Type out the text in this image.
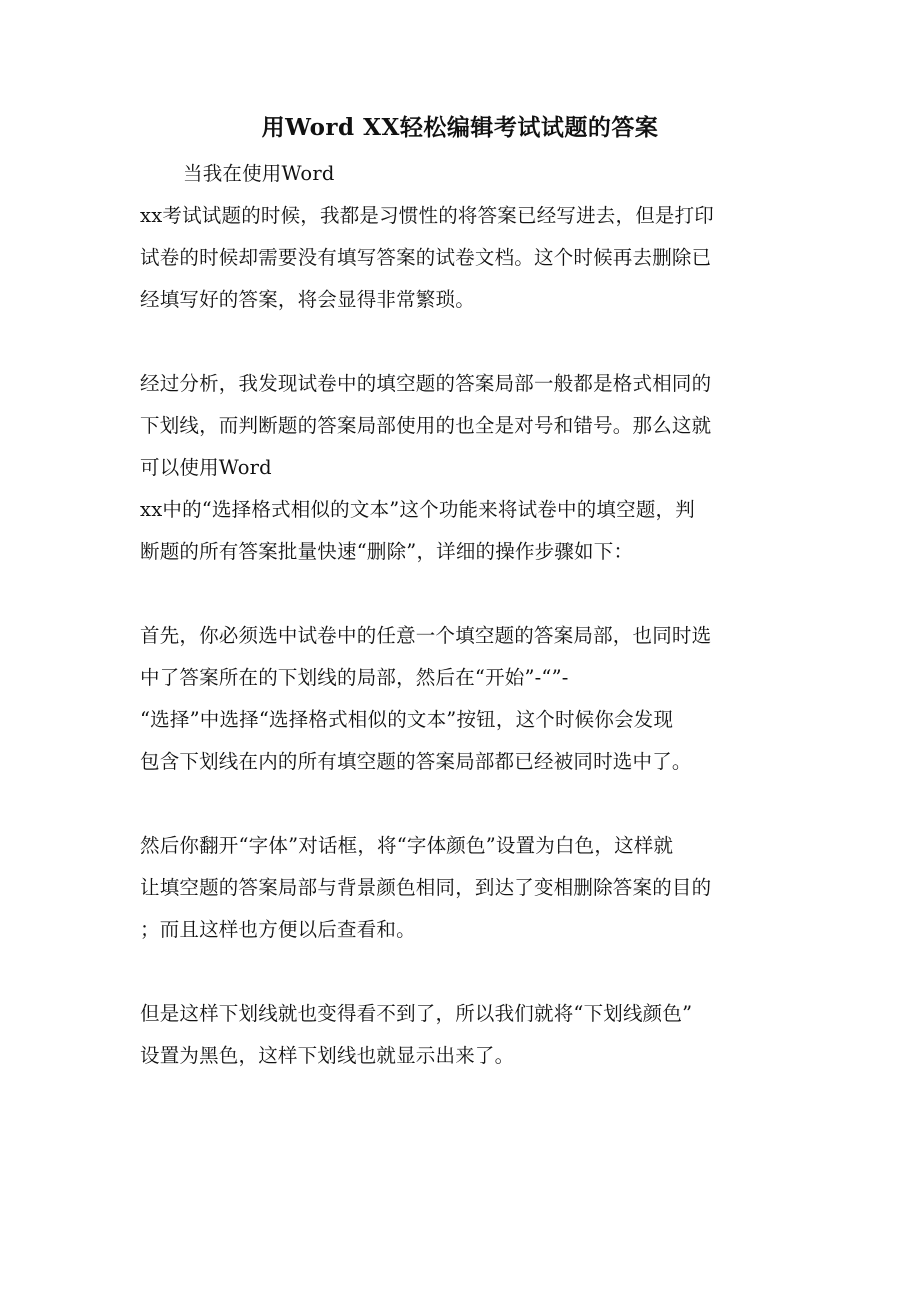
用Word XX轻松编辑考试试题的答案
当我在使用Word
xx考试试题的时候，我都是习惯性的将答案已经写进去，但是打印
试卷的时候却需要没有填写答案的试卷文档。这个时候再去删除已
经填写好的答案，将会显得非常繁琐。
经过分析，我发现试卷中的填空题的答案局部一般都是格式相同的
下划线，而判断题的答案局部使用的也全是对号和错号。那么这就
可以使用Word
xx中的“选择格式相似的文本”这个功能来将试卷中的填空题，判
断题的所有答案批量快速“删除”，详细的操作步骤如下：
首先，你必须选中试卷中的任意一个填空题的答案局部，也同时选
中了答案所在的下划线的局部，然后在“开始”-“”-
“选择”中选择“选择格式相似的文本”按钮，这个时候你会发现
包含下划线在内的所有填空题的答案局部都已经被同时选中了。
然后你翻开“字体”对话框，将“字体颜色”设置为白色，这样就
让填空题的答案局部与背景颜色相同，到达了变相删除答案的目的
；而且这样也方便以后查看和。
但是这样下划线就也变得看不到了，所以我们就将“下划线颜色”
设置为黑色，这样下划线也就显示出来了。
